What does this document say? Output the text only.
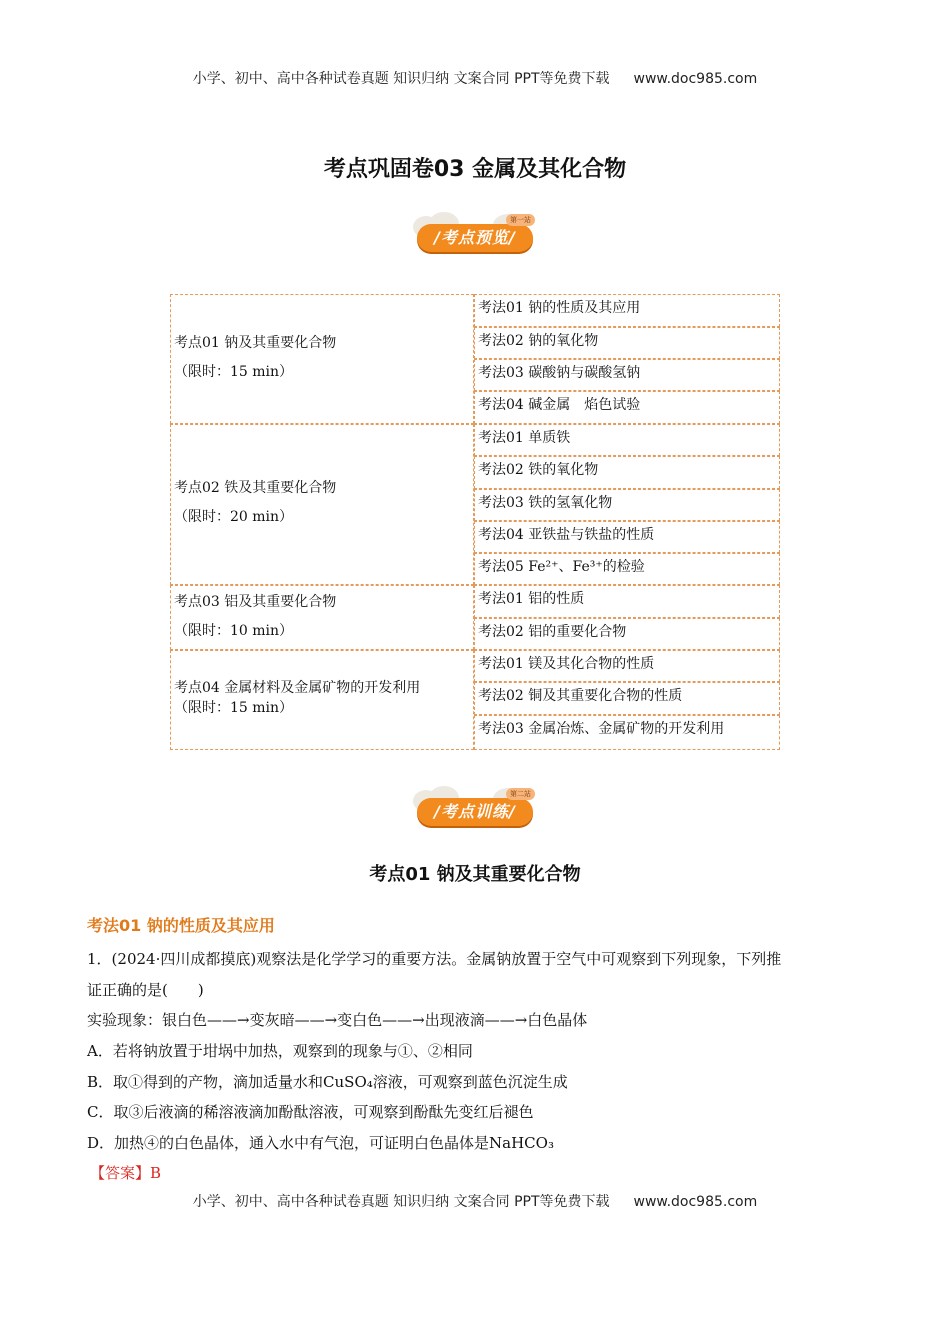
小学、初中、高中各种试卷真题 知识归纳 文案合同 PPT等免费下载 www.doc985.com
考点巩固卷03 金属及其化合物
/考点预览/
第一站
考点01 钠及其重要化合物
（限时：15 min）
考法01 钠的性质及其应用
考法02 钠的氧化物
考法03 碳酸钠与碳酸氢钠
考法04 碱金属　焰色试验
考点02 铁及其重要化合物
（限时：20 min）
考法01 单质铁
考法02 铁的氧化物
考法03 铁的氢氧化物
考法04 亚铁盐与铁盐的性质
考法05 Fe²⁺、Fe³⁺的检验
考点03 铝及其重要化合物
（限时：10 min）
考法01 铝的性质
考法02 铝的重要化合物
考点04 金属材料及金属矿物的开发利用
（限时：15 min）
考法01 镁及其化合物的性质
考法02 铜及其重要化合物的性质
考法03 金属冶炼、金属矿物的开发利用
/考点训练/
第二站
考点01 钠及其重要化合物
考法01 钠的性质及其应用
1．(2024·四川成都摸底)观察法是化学学习的重要方法。金属钠放置于空气中可观察到下列现象，下列推
证正确的是(　　)
实验现象：银白色——→变灰暗——→变白色——→出现液滴——→白色晶体
A．若将钠放置于坩埚中加热，观察到的现象与①、②相同
B．取①得到的产物，滴加适量水和CuSO₄溶液，可观察到蓝色沉淀生成
C．取③后液滴的稀溶液滴加酚酞溶液，可观察到酚酞先变红后褪色
D．加热④的白色晶体，通入水中有气泡，可证明白色晶体是NaHCO₃
【答案】B
小学、初中、高中各种试卷真题 知识归纳 文案合同 PPT等免费下载 www.doc985.com
